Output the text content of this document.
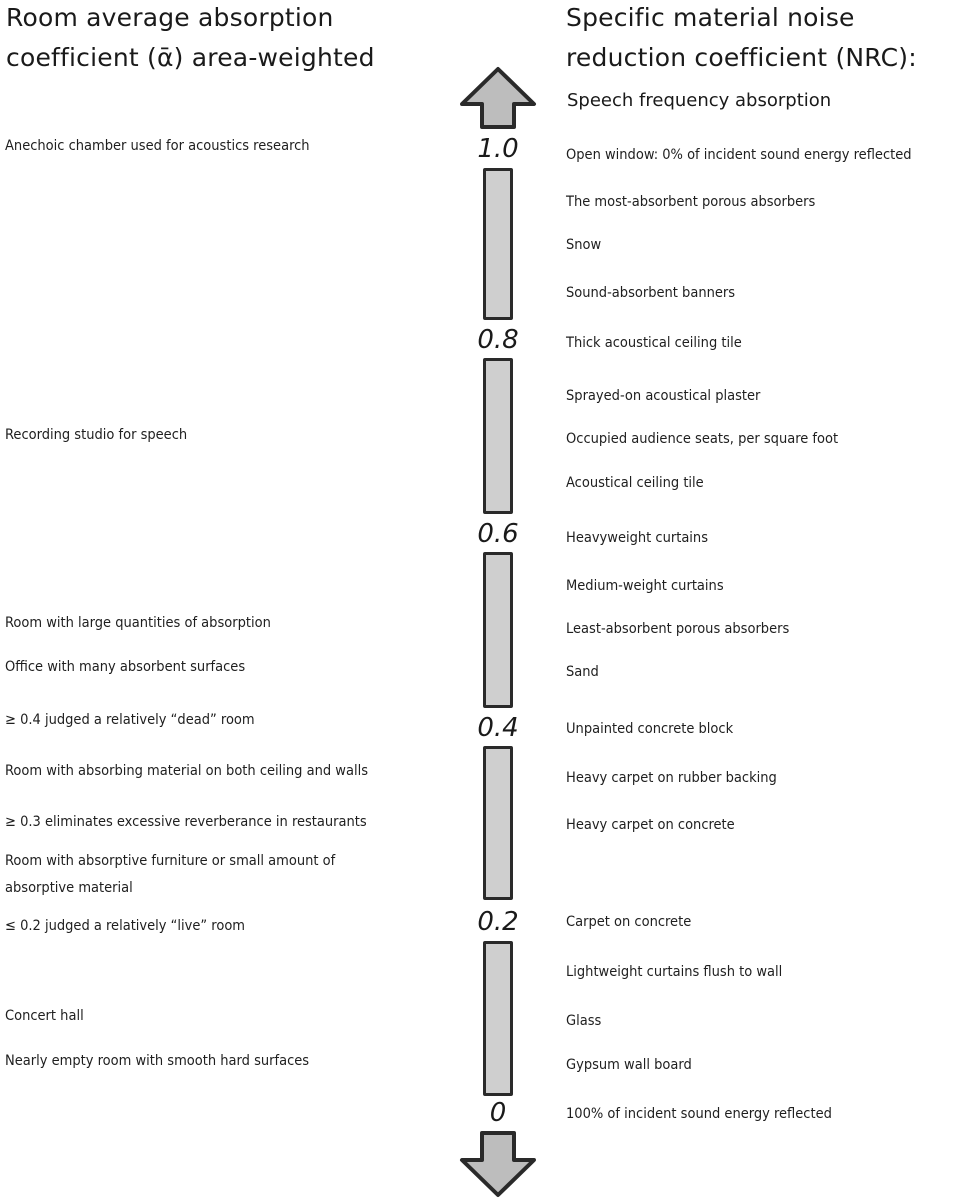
Room average absorption
coefficient (ᾱ) area-weighted
Specific material noise
reduction coefficient (NRC):
Speech frequency absorption
1.0
0.8
0.6
0.4
0.2
0
Anechoic chamber used for acoustics research
Recording studio for speech
Room with large quantities of absorption
Office with many absorbent surfaces
≥ 0.4 judged a relatively “dead” room
Room with absorbing material on both ceiling and walls
≥ 0.3 eliminates excessive reverberance in restaurants
Room with absorptive furniture or small amount of
absorptive material
≤ 0.2 judged a relatively “live” room
Concert hall
Nearly empty room with smooth hard surfaces
Open window: 0% of incident sound energy reflected
The most-absorbent porous absorbers
Snow
Sound-absorbent banners
Thick acoustical ceiling tile
Sprayed-on acoustical plaster
Occupied audience seats, per square foot
Acoustical ceiling tile
Heavyweight curtains
Medium-weight curtains
Least-absorbent porous absorbers
Sand
Unpainted concrete block
Heavy carpet on rubber backing
Heavy carpet on concrete
Carpet on concrete
Lightweight curtains flush to wall
Glass
Gypsum wall board
100% of incident sound energy reflected
